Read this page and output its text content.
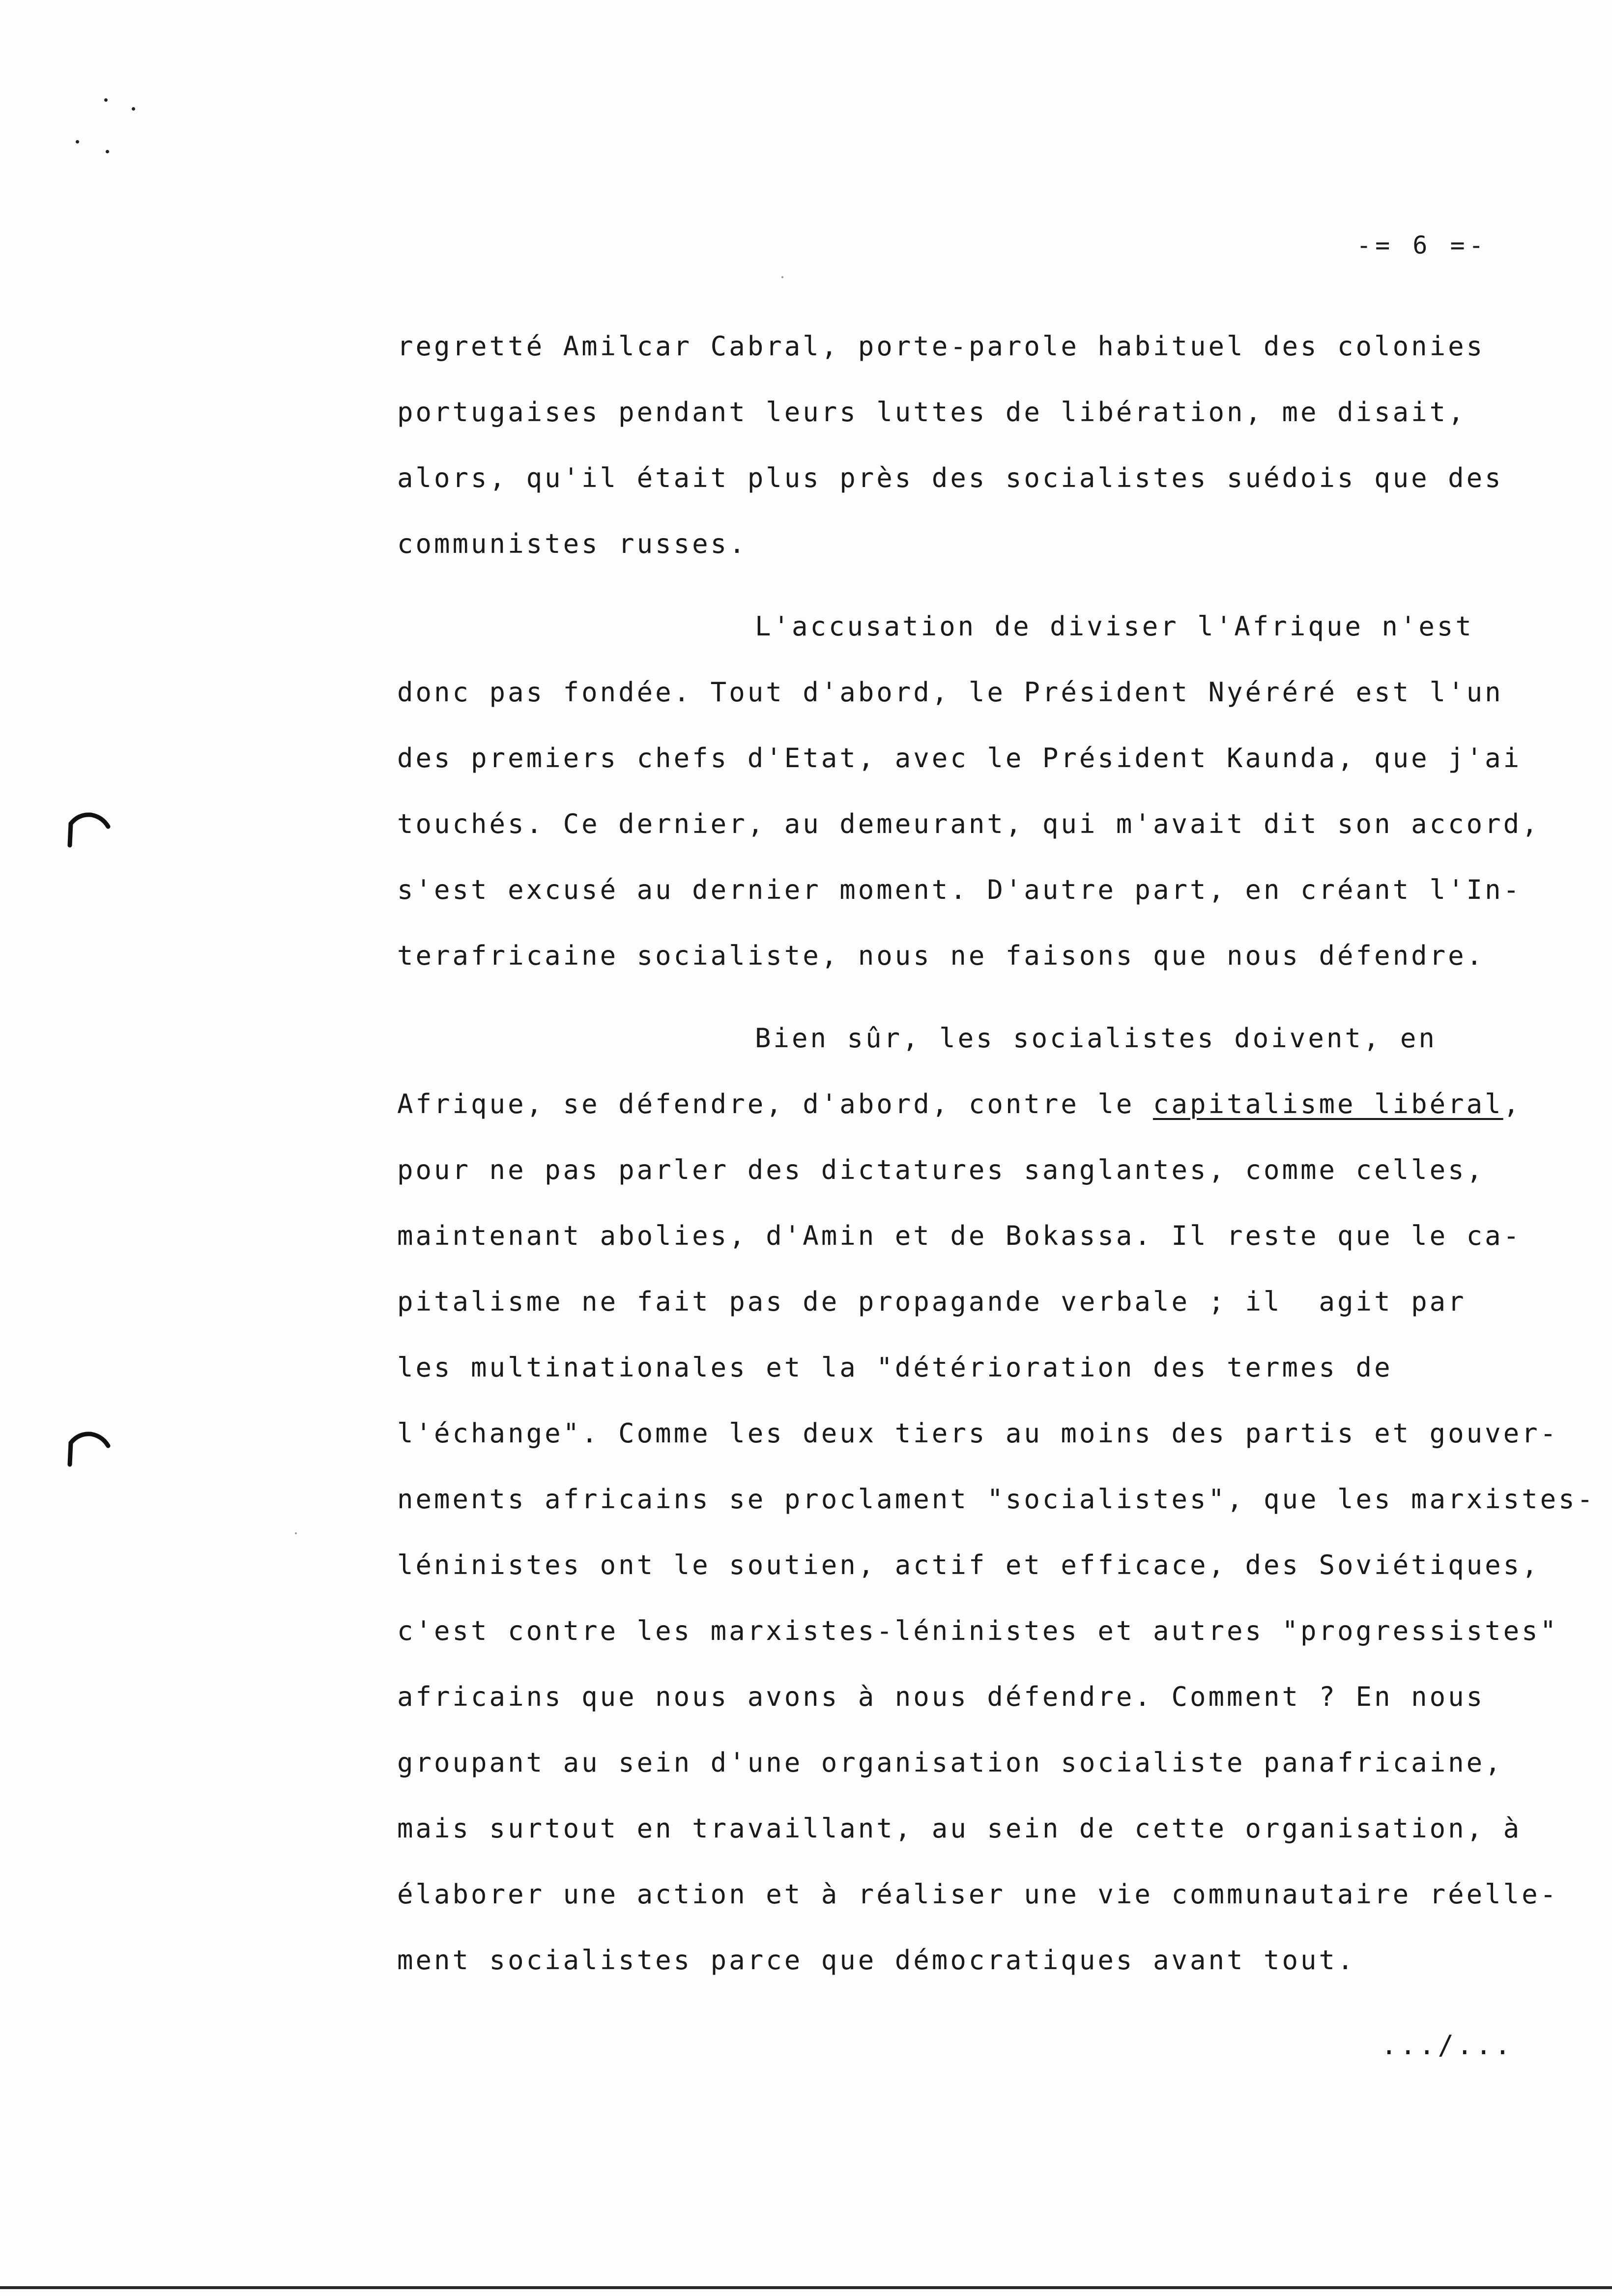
-= 6 =-
regretté Amilcar Cabral, porte-parole habituel des colonies
portugaises pendant leurs luttes de libération, me disait,
alors, qu'il était plus près des socialistes suédois que des
communistes russes.
L'accusation de diviser l'Afrique n'est
donc pas fondée. Tout d'abord, le Président Nyéréré est l'un
des premiers chefs d'Etat, avec le Président Kaunda, que j'ai
touchés. Ce dernier, au demeurant, qui m'avait dit son accord,
s'est excusé au dernier moment. D'autre part, en créant l'In-
terafricaine socialiste, nous ne faisons que nous défendre.
Bien sûr, les socialistes doivent, en
Afrique, se défendre, d'abord, contre le capitalisme libéral,
pour ne pas parler des dictatures sanglantes, comme celles,
maintenant abolies, d'Amin et de Bokassa. Il reste que le ca-
pitalisme ne fait pas de propagande verbale ; il  agit par
les multinationales et la "détérioration des termes de
l'échange". Comme les deux tiers au moins des partis et gouver-
nements africains se proclament "socialistes", que les marxistes-
léninistes ont le soutien, actif et efficace, des Soviétiques,
c'est contre les marxistes-léninistes et autres "progressistes"
africains que nous avons à nous défendre. Comment ? En nous
groupant au sein d'une organisation socialiste panafricaine,
mais surtout en travaillant, au sein de cette organisation, à
élaborer une action et à réaliser une vie communautaire réelle-
ment socialistes parce que démocratiques avant tout.
.../...
